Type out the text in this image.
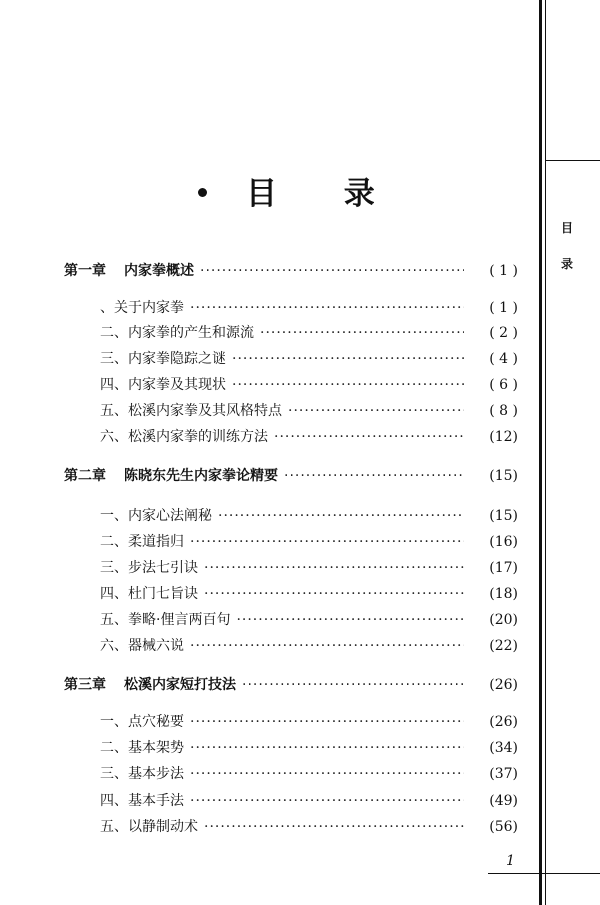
目 录
第一章 内家拳概述 ·····	( 1 )
、 关于内家拳 ·····	( 1 )
二、 内家拳的产生和源流 ·····	( 2 )
三、 内家拳隐踪之谜 ·····	( 4 )
四、 内家拳及其现状 ·····	( 6 )
五、 松溪内家拳及其风格特点 ·····	( 8 )
六、 松溪内家拳的训练方法 ·····	(12)
第二章 陈晓东先生内家拳论精要 ·····	(15)
一、 内家心法阐秘 ·····	(15)
二、 柔道指归 ·····	(16)
三、 步法七引诀 ·····	(17)
四、 杜门七旨诀 ·····	(18)
五、 拳略·俚言两百句 ·····	(20)
六、 器械六说 ·····	(22)
第三章 松溪内家短打技法 ·····	(26)
一、 点穴秘要 ·····	(26)
二、 基本架势 ·····	(34)
三、 基本步法 ·····	(37)
四、 基本手法 ·····	(49)
五、 以静制动术 ·····	(56)
目
录
1
